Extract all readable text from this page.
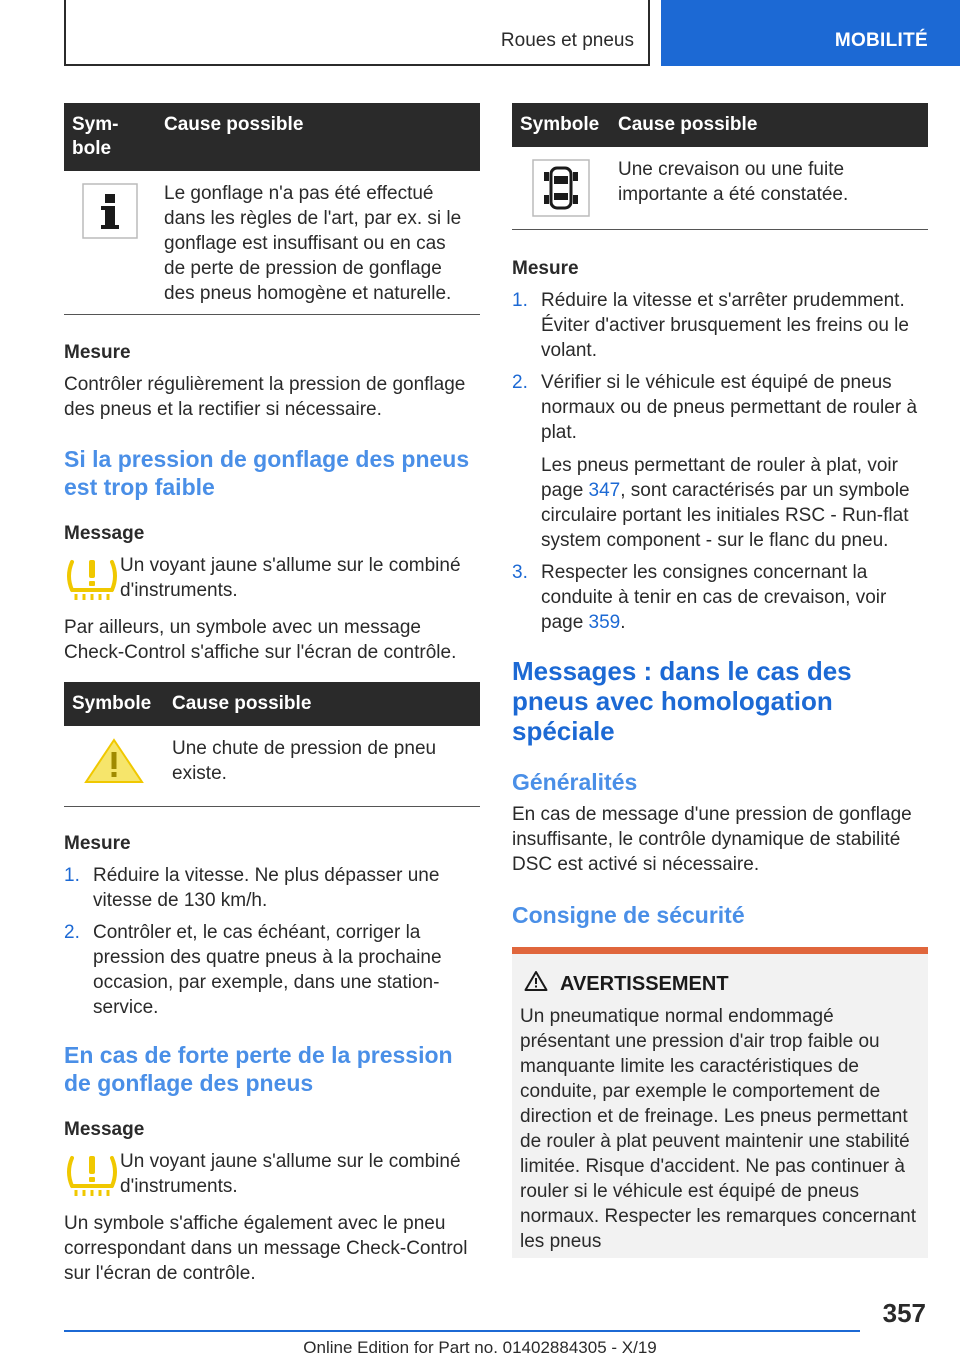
Roues et pneus	MOBILITÉ
Sym-
bole	Cause possible

	Le gonflage n'a pas été effectué dans les règles de l'art, par ex. si le gonflage est insuffisant ou en cas de perte de pression de gonflage des pneus homogène et naturelle.
Mesure
Contrôler régulièrement la pression de gonflage des pneus et la rectifier si nécessaire.
Si la pression de gonflage des pneus est trop faible
Message
Un voyant jaune s'allume sur le combiné d'instruments.
Par ailleurs, un symbole avec un message Check-Control s'affiche sur l'écran de contrôle.
Symbole	Cause possible

	Une chute de pression de pneu existe.
Mesure
1. Réduire la vitesse. Ne plus dépasser une vitesse de 130 km/h.
2. Contrôler et, le cas échéant, corriger la pression des quatre pneus à la prochaine occasion, par exemple, dans une station-service.
En cas de forte perte de la pression de gonflage des pneus
Message
Un voyant jaune s'allume sur le combiné d'instruments.
Un symbole s'affiche également avec le pneu correspondant dans un message Check-Control sur l'écran de contrôle.
Symbole	Cause possible

	Une crevaison ou une fuite importante a été constatée.
Mesure
1. Réduire la vitesse et s'arrêter prudemment. Éviter d'activer brusquement les freins ou le volant.
2. Vérifier si le véhicule est équipé de pneus normaux ou de pneus permettant de rouler à plat.
Les pneus permettant de rouler à plat, voir page 347, sont caractérisés par un symbole circulaire portant les initiales RSC - Run-flat system component - sur le flanc du pneu.
3. Respecter les consignes concernant la conduite à tenir en cas de crevaison, voir page 359.
Messages : dans le cas des pneus avec homologation spéciale
Généralités
En cas de message d'une pression de gonflage insuffisante, le contrôle dynamique de stabilité DSC est activé si nécessaire.
Consigne de sécurité
AVERTISSEMENT
Un pneumatique normal endommagé présentant une pression d'air trop faible ou manquante limite les caractéristiques de conduite, par exemple le comportement de direction et de freinage. Les pneus permettant de rouler à plat peuvent maintenir une stabilité limitée. Risque d'accident. Ne pas continuer à rouler si le véhicule est équipé de pneus normaux. Respecter les remarques concernant les pneus
357
Online Edition for Part no. 01402884305 - X/19
